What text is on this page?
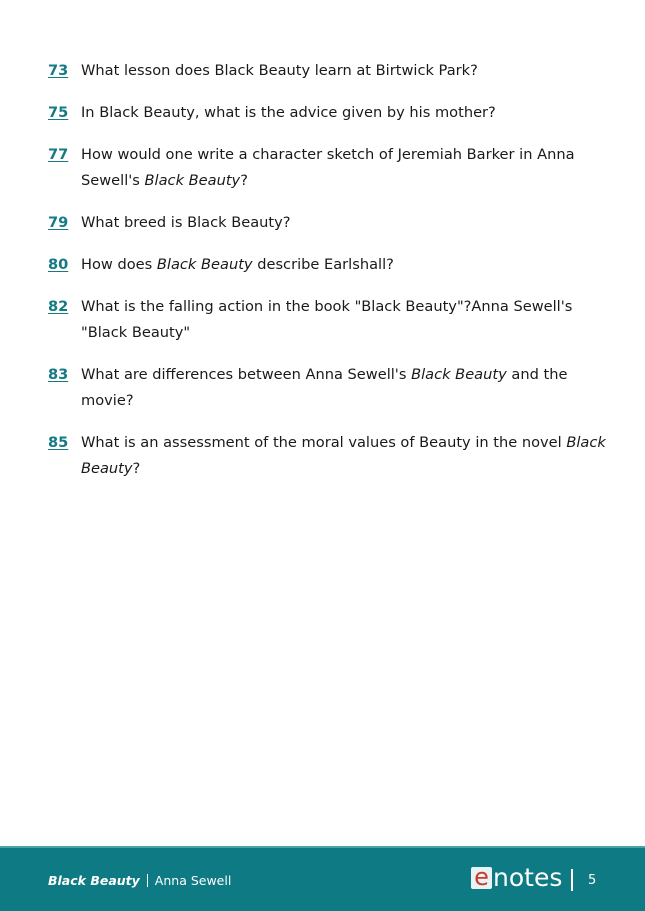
73 What lesson does Black Beauty learn at Birtwick Park?
75 In Black Beauty, what is the advice given by his mother?
77 How would one write a character sketch of Jeremiah Barker in Anna Sewell's Black Beauty?
79 What breed is Black Beauty?
80 How does Black Beauty describe Earlshall?
82 What is the falling action in the book "Black Beauty"?Anna Sewell's "Black Beauty"
83 What are differences between Anna Sewell's Black Beauty and the movie?
85 What is an assessment of the moral values of Beauty in the novel Black Beauty?
Black Beauty Anna Sewell	e notes 5
